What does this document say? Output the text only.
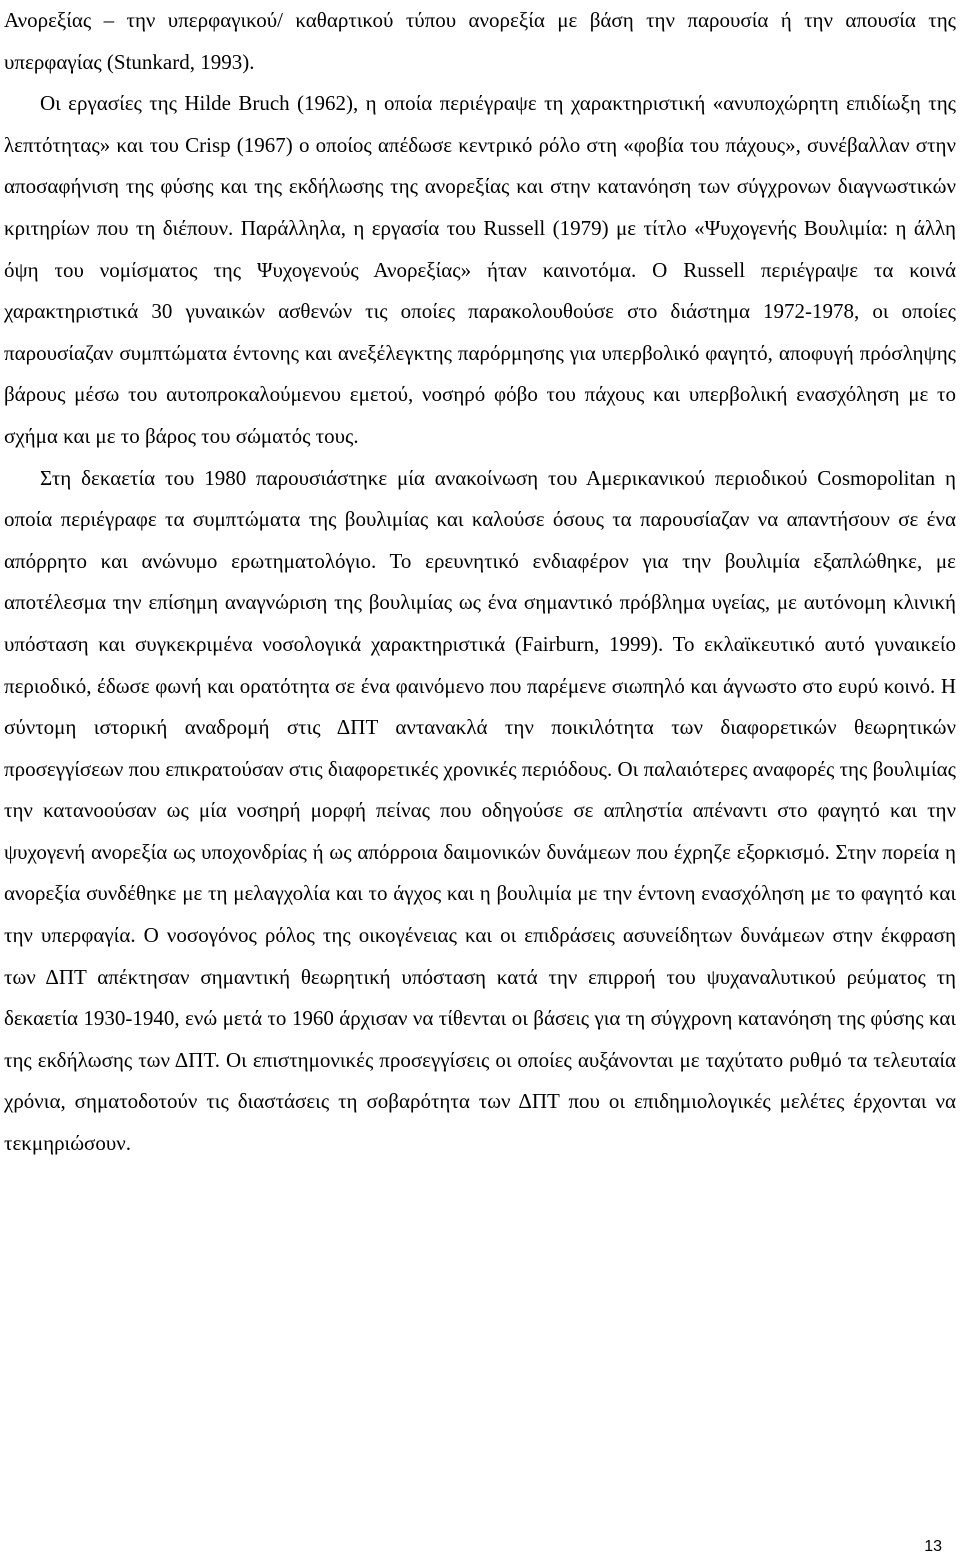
Ανορεξίας – την υπερφαγικού/ καθαρτικού τύπου ανορεξία με βάση την παρουσία ή την απουσία της υπερφαγίας (Stunkard, 1993).

Οι εργασίες της Hilde Bruch (1962), η οποία περιέγραψε τη χαρακτηριστική «ανυποχώρητη επιδίωξη της λεπτότητας» και του Crisp (1967) ο οποίος απέδωσε κεντρικό ρόλο στη «φοβία του πάχους», συνέβαλλαν στην αποσαφήνιση της φύσης και της εκδήλωσης της ανορεξίας και στην κατανόηση των σύγχρονων διαγνωστικών κριτηρίων που τη διέπουν. Παράλληλα, η εργασία του Russell (1979) με τίτλο «Ψυχογενής Βουλιμία: η άλλη όψη του νομίσματος της Ψυχογενούς Ανορεξίας» ήταν καινοτόμα. Ο Russell περιέγραψε τα κοινά χαρακτηριστικά 30 γυναικών ασθενών τις οποίες παρακολουθούσε στο διάστημα 1972-1978, οι οποίες παρουσίαζαν συμπτώματα έντονης και ανεξέλεγκτης παρόρμησης για υπερβολικό φαγητό, αποφυγή πρόσληψης βάρους μέσω του αυτοπροκαλούμενου εμετού, νοσηρό φόβο του πάχους και υπερβολική ενασχόληση με το σχήμα και με το βάρος του σώματός τους.

Στη δεκαετία του 1980 παρουσιάστηκε μία ανακοίνωση του Αμερικανικού περιοδικού Cosmopolitan η οποία περιέγραφε τα συμπτώματα της βουλιμίας και καλούσε όσους τα παρουσίαζαν να απαντήσουν σε ένα απόρρητο και ανώνυμο ερωτηματολόγιο. Το ερευνητικό ενδιαφέρον για την βουλιμία εξαπλώθηκε, με αποτέλεσμα την επίσημη αναγνώριση της βουλιμίας ως ένα σημαντικό πρόβλημα υγείας, με αυτόνομη κλινική υπόσταση και συγκεκριμένα νοσολογικά χαρακτηριστικά (Fairburn, 1999). Το εκλαϊκευτικό αυτό γυναικείο περιοδικό, έδωσε φωνή και ορατότητα σε ένα φαινόμενο που παρέμενε σιωπηλό και άγνωστο στο ευρύ κοινό. Η σύντομη ιστορική αναδρομή στις ΔΠΤ αντανακλά την ποικιλότητα των διαφορετικών θεωρητικών προσεγγίσεων που επικρατούσαν στις διαφορετικές χρονικές περιόδους. Οι παλαιότερες αναφορές της βουλιμίας την κατανοούσαν ως μία νοσηρή μορφή πείνας που οδηγούσε σε απληστία απέναντι στο φαγητό και την ψυχογενή ανορεξία ως υποχονδρίας ή ως απόρροια δαιμονικών δυνάμεων που έχρηζε εξορκισμό. Στην πορεία η ανορεξία συνδέθηκε με τη μελαγχολία και το άγχος και η βουλιμία με την έντονη ενασχόληση με το φαγητό και την υπερφαγία. Ο νοσογόνος ρόλος της οικογένειας και οι επιδράσεις ασυνείδητων δυνάμεων στην έκφραση των ΔΠΤ απέκτησαν σημαντική θεωρητική υπόσταση κατά την επιρροή του ψυχαναλυτικού ρεύματος τη δεκαετία 1930-1940, ενώ μετά το 1960 άρχισαν να τίθενται οι βάσεις για τη σύγχρονη κατανόηση της φύσης και της εκδήλωσης των ΔΠΤ. Οι επιστημονικές προσεγγίσεις οι οποίες αυξάνονται με ταχύτατο ρυθμό τα τελευταία χρόνια, σηματοδοτούν τις διαστάσεις τη σοβαρότητα των ΔΠΤ που οι επιδημιολογικές μελέτες έρχονται να τεκμηριώσουν.

13
